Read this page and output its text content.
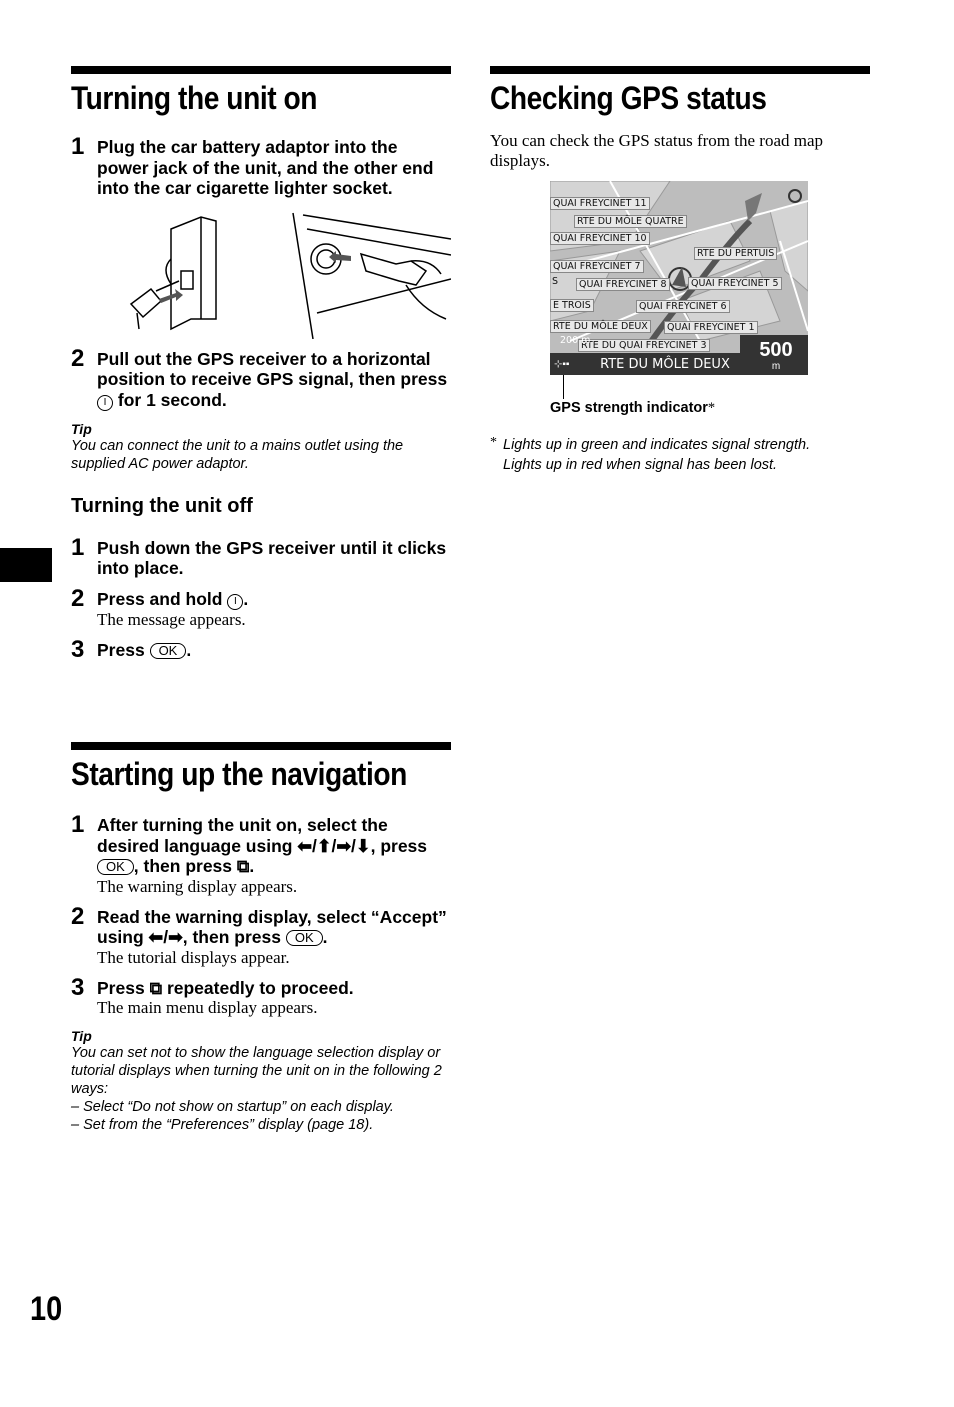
Turning the unit on
1 Plug the car battery adaptor into the power jack of the unit, and the other end into the car cigarette lighter socket.
2 Pull out the GPS receiver to a horizontal position to receive GPS signal, then press I for 1 second.
Tip
You can connect the unit to a mains outlet using the supplied AC power adaptor.
Turning the unit off
1 Push down the GPS receiver until it clicks into place.
2 Press and hold I .
The message appears.
3 Press OK .
Starting up the navigation
1 After turning the unit on, select the desired language using ⬅/⬆/➡/⬇, press OK , then press ⧉.
The warning display appears.
2 Read the warning display, select “Accept” using ⬅/➡, then press OK .
The tutorial displays appear.
3 Press ⧉ repeatedly to proceed.
The main menu display appears.
Tip
You can set not to show the language selection display or tutorial displays when turning the unit on in the following 2 ways:
– Select “Do not show on startup” on each display.
– Set from the “Preferences” display (page 18).
Checking GPS status
You can check the GPS status from the road map displays.
QUAI FREYCINET 11
RTE DU MÔLE QUATRE
QUAI FREYCINET 10
RTE DU PERTUIS
QUAI FREYCINET 7
S	QUAI FREYCINET 8	QUAI FREYCINET 5
E TROIS	QUAI FREYCINET 6
RTE DU MÔLE DEUX	QUAI FREYCINET 1
RTE DU QUAI FREYCINET 3
200 m
⊹▪▪	RTE DU MÔLE DEUX
500
m
GPS strength indicator*
* Lights up in green and indicates signal strength.
Lights up in red when signal has been lost.
10
